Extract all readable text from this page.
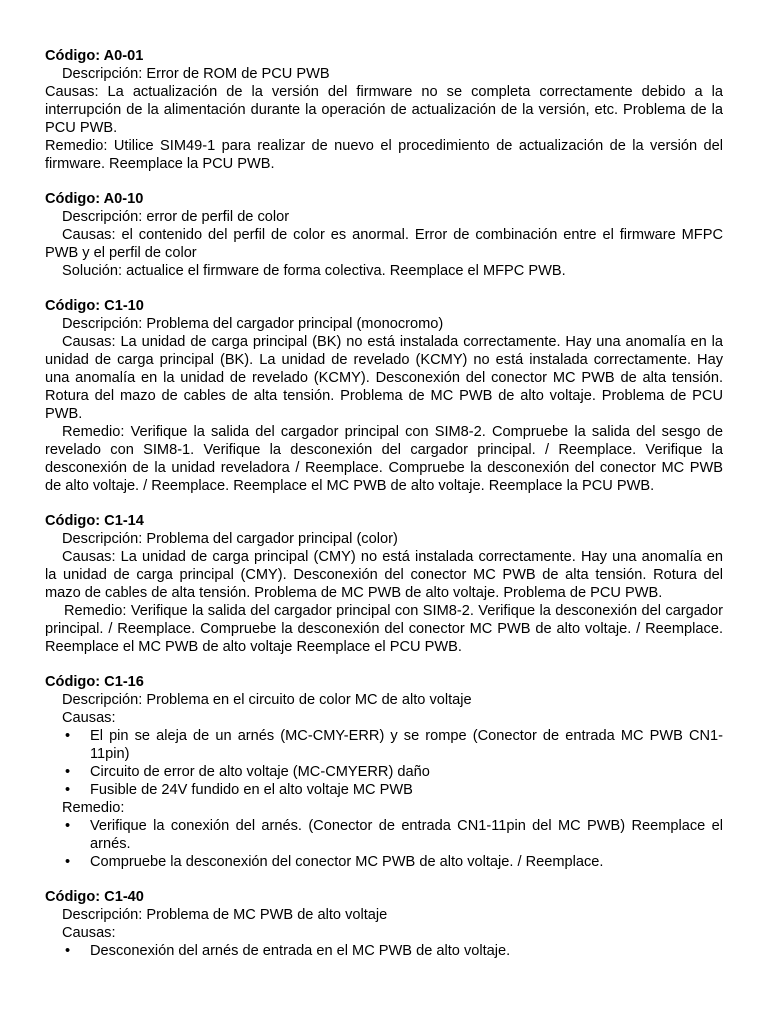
Código: A0-01
Descripción: Error de ROM de PCU PWB
Causas: La actualización de la versión del firmware no se completa correctamente debido a la interrupción de la alimentación durante la operación de actualización de la versión, etc. Problema de la PCU PWB.
Remedio: Utilice SIM49-1 para realizar de nuevo el procedimiento de actualización de la versión del firmware. Reemplace la PCU PWB.
Código: A0-10
Descripción: error de perfil de color
Causas: el contenido del perfil de color es anormal. Error de combinación entre el firmware MFPC PWB y el perfil de color
Solución: actualice el firmware de forma colectiva. Reemplace el MFPC PWB.
Código: C1-10
Descripción: Problema del cargador principal (monocromo)
Causas: La unidad de carga principal (BK) no está instalada correctamente. Hay una anomalía en la unidad de carga principal (BK). La unidad de revelado (KCMY) no está instalada correctamente. Hay una anomalía en la unidad de revelado (KCMY). Desconexión del conector MC PWB de alta tensión. Rotura del mazo de cables de alta tensión. Problema de MC PWB de alto voltaje. Problema de PCU PWB.
Remedio: Verifique la salida del cargador principal con SIM8-2. Compruebe la salida del sesgo de revelado con SIM8-1. Verifique la desconexión del cargador principal. / Reemplace. Verifique la desconexión de la unidad reveladora / Reemplace. Compruebe la desconexión del conector MC PWB de alto voltaje. / Reemplace. Reemplace el MC PWB de alto voltaje. Reemplace la PCU PWB.
Código: C1-14
Descripción: Problema del cargador principal (color)
Causas: La unidad de carga principal (CMY) no está instalada correctamente. Hay una anomalía en la unidad de carga principal (CMY). Desconexión del conector MC PWB de alta tensión. Rotura del mazo de cables de alta tensión. Problema de MC PWB de alto voltaje. Problema de PCU PWB.
Remedio: Verifique la salida del cargador principal con SIM8-2. Verifique la desconexión del cargador principal. / Reemplace. Compruebe la desconexión del conector MC PWB de alto voltaje. / Reemplace. Reemplace el MC PWB de alto voltaje Reemplace el PCU PWB.
Código: C1-16
Descripción: Problema en el circuito de color MC de alto voltaje
Causas:
• El pin se aleja de un arnés (MC-CMY-ERR) y se rompe (Conector de entrada MC PWB CN1-11pin)
• Circuito de error de alto voltaje (MC-CMYERR) daño
• Fusible de 24V fundido en el alto voltaje MC PWB
Remedio:
• Verifique la conexión del arnés. (Conector de entrada CN1-11pin del MC PWB) Reemplace el arnés.
• Compruebe la desconexión del conector MC PWB de alto voltaje. / Reemplace.
Código: C1-40
Descripción: Problema de MC PWB de alto voltaje
Causas:
• Desconexión del arnés de entrada en el MC PWB de alto voltaje.
